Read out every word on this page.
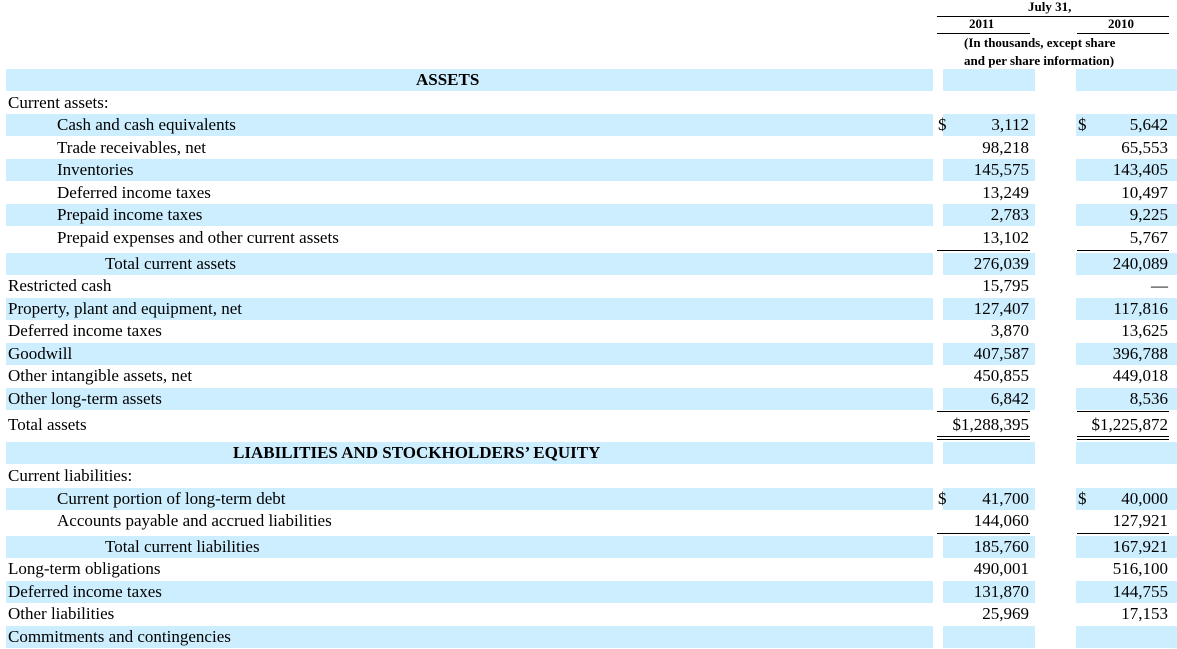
July 31,
2011	2010
(In thousands, except share
and per share information)
ASSETS
Current assets:
Cash and cash equivalents	$	3,112	$	5,642
Trade receivables, net	98,218	65,553
Inventories	145,575	143,405
Deferred income taxes	13,249	10,497
Prepaid income taxes	2,783	9,225
Prepaid expenses and other current assets	13,102	5,767
Total current assets	276,039	240,089
Restricted cash	15,795	—
Property, plant and equipment, net	127,407	117,816
Deferred income taxes	3,870	13,625
Goodwill	407,587	396,788
Other intangible assets, net	450,855	449,018
Other long-term assets	6,842	8,536
Total assets	$1,288,395	$1,225,872
LIABILITIES AND STOCKHOLDERS’ EQUITY
Current liabilities:
Current portion of long-term debt	$	41,700	$	40,000
Accounts payable and accrued liabilities	144,060	127,921
Total current liabilities	185,760	167,921
Long-term obligations	490,001	516,100
Deferred income taxes	131,870	144,755
Other liabilities	25,969	17,153
Commitments and contingencies
